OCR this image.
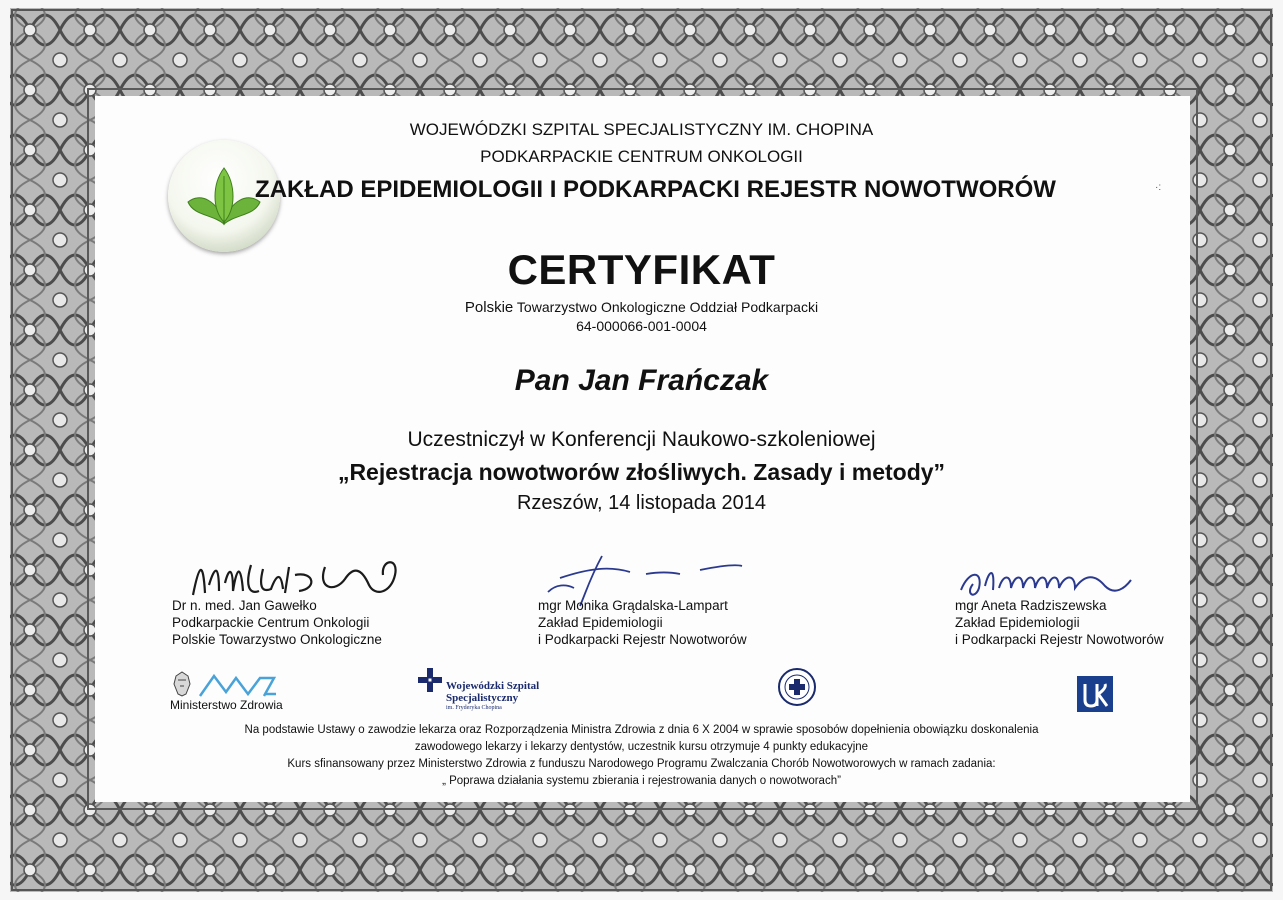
·:
WOJEWÓDZKI SZPITAL SPECJALISTYCZNY IM. CHOPINA
PODKARPACKIE CENTRUM ONKOLOGII
ZAKŁAD EPIDEMIOLOGII I PODKARPACKI REJESTR NOWOTWORÓW
CERTYFIKAT
Polskie Towarzystwo Onkologiczne Oddział Podkarpacki
64-000066-001-0004
Pan Jan Frańczak
Uczestniczył w Konferencji Naukowo-szkoleniowej
„Rejestracja nowotworów złośliwych. Zasady i metody”
Rzeszów, 14 listopada 2014
Dr n. med. Jan Gawełko
Podkarpackie Centrum Onkologii
Polskie Towarzystwo Onkologiczne
mgr Monika Grądalska-Lampart
Zakład Epidemiologii
i Podkarpacki Rejestr Nowotworów
mgr Aneta Radziszewska
Zakład Epidemiologii
i Podkarpacki Rejestr Nowotworów
Ministerstwo Zdrowia
Wojewódzki Szpital
Specjalistyczny
im. Fryderyka Chopina
Na podstawie Ustawy o zawodzie lekarza oraz Rozporządzenia Ministra Zdrowia z dnia 6 X 2004 w sprawie sposobów dopełnienia obowiązku doskonalenia
zawodowego lekarzy i lekarzy dentystów, uczestnik kursu otrzymuje 4 punkty edukacyjne
Kurs sfinansowany przez Ministerstwo Zdrowia z funduszu Narodowego Programu Zwalczania Chorób Nowotworowych w ramach zadania:
„ Poprawa działania systemu zbierania i rejestrowania danych o nowotworach”
